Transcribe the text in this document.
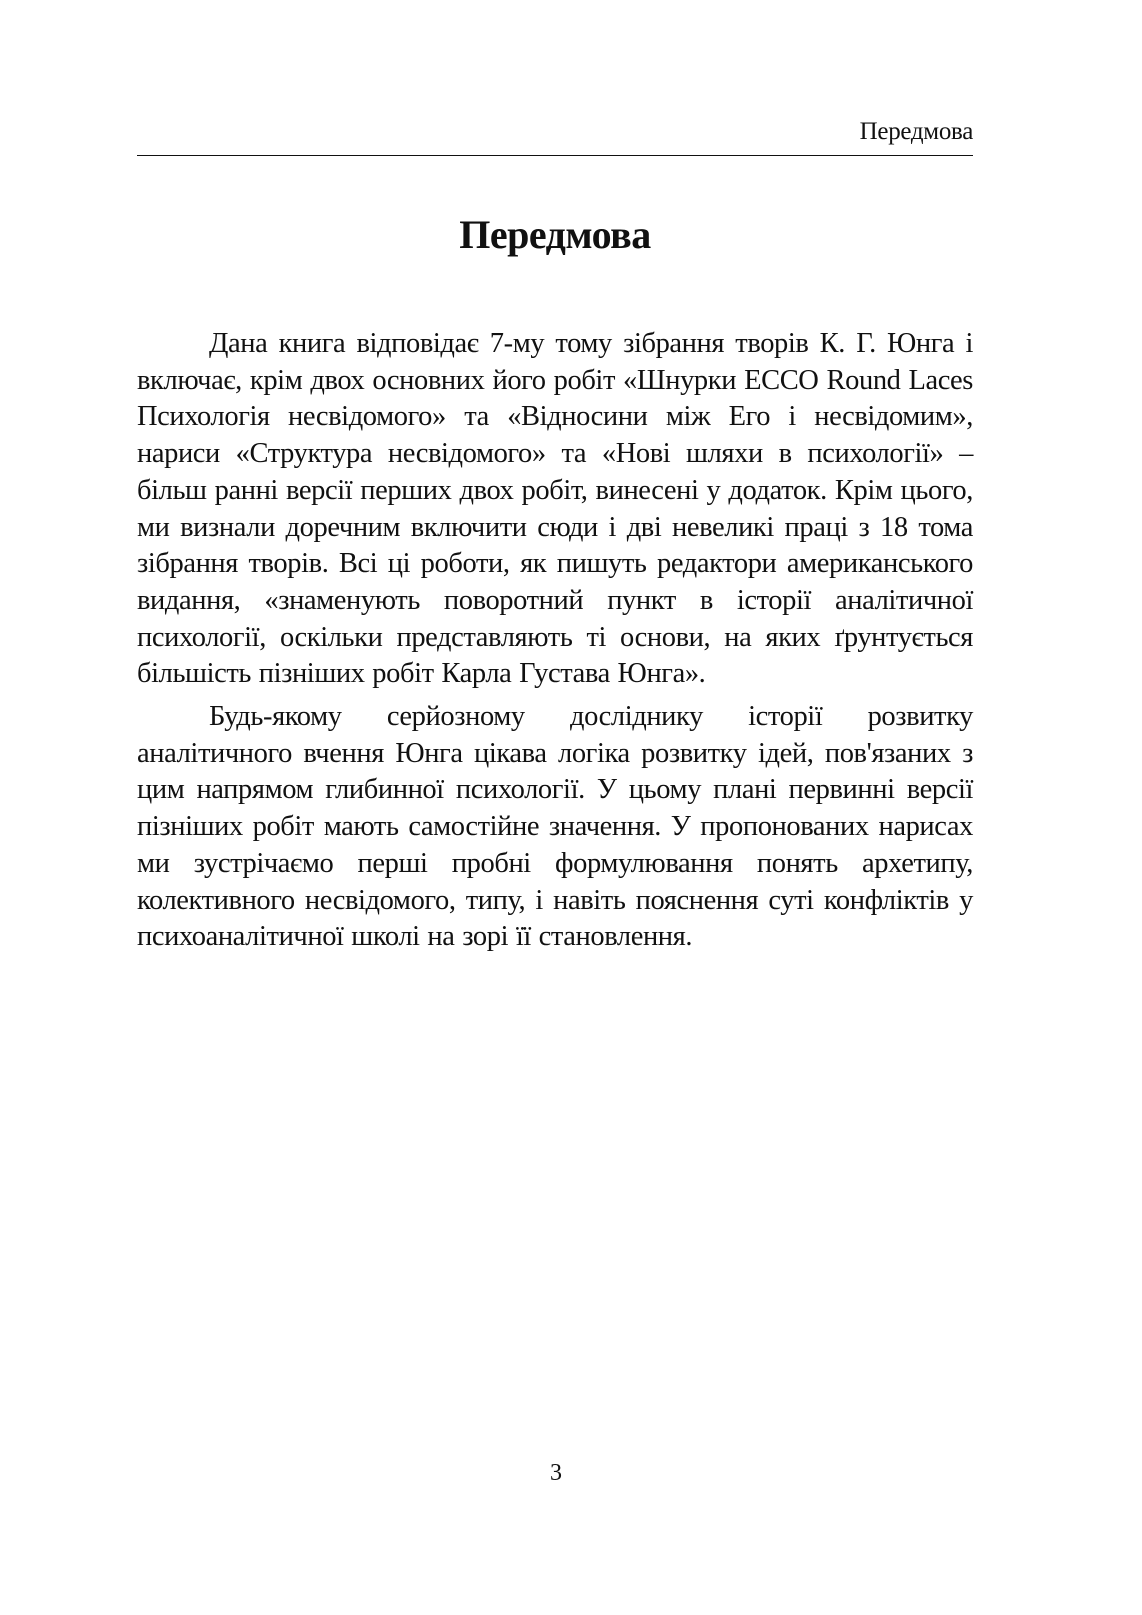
Передмова
Передмова

Дана книга відповідає 7-му тому зібрання творів К. Г. Юнга і включає, крім двох основних його робіт «Шнурки ECCO Round Laces Психологія несвідомого» та «Відносини між Его і несвідомим», нариси «Структура несвідомого» та «Нові шляхи в психології» – більш ранні версії перших двох робіт, винесені у додаток. Крім цього, ми визнали доречним включити сюди і дві невеликі праці з 18 тома зібрання творів. Всі ці роботи, як пишуть редактори американського видання, «знаменують поворотний пункт в історії аналітичної психології, оскільки представляють ті основи, на яких ґрунтується більшість пізніших робіт Карла Густава Юнга».

Будь-якому серйозному досліднику історії розвитку аналітичного вчення Юнга цікава логіка розвитку ідей, пов'язаних з цим напрямом глибинної психології. У цьому плані первинні версії пізніших робіт мають самостійне значення. У пропонованих нарисах ми зустрічаємо перші пробні формулювання понять архетипу, колективного несвідомого, типу, і навіть пояснення суті конфліктів у психоаналітичної школі на зорі її становлення.

3
